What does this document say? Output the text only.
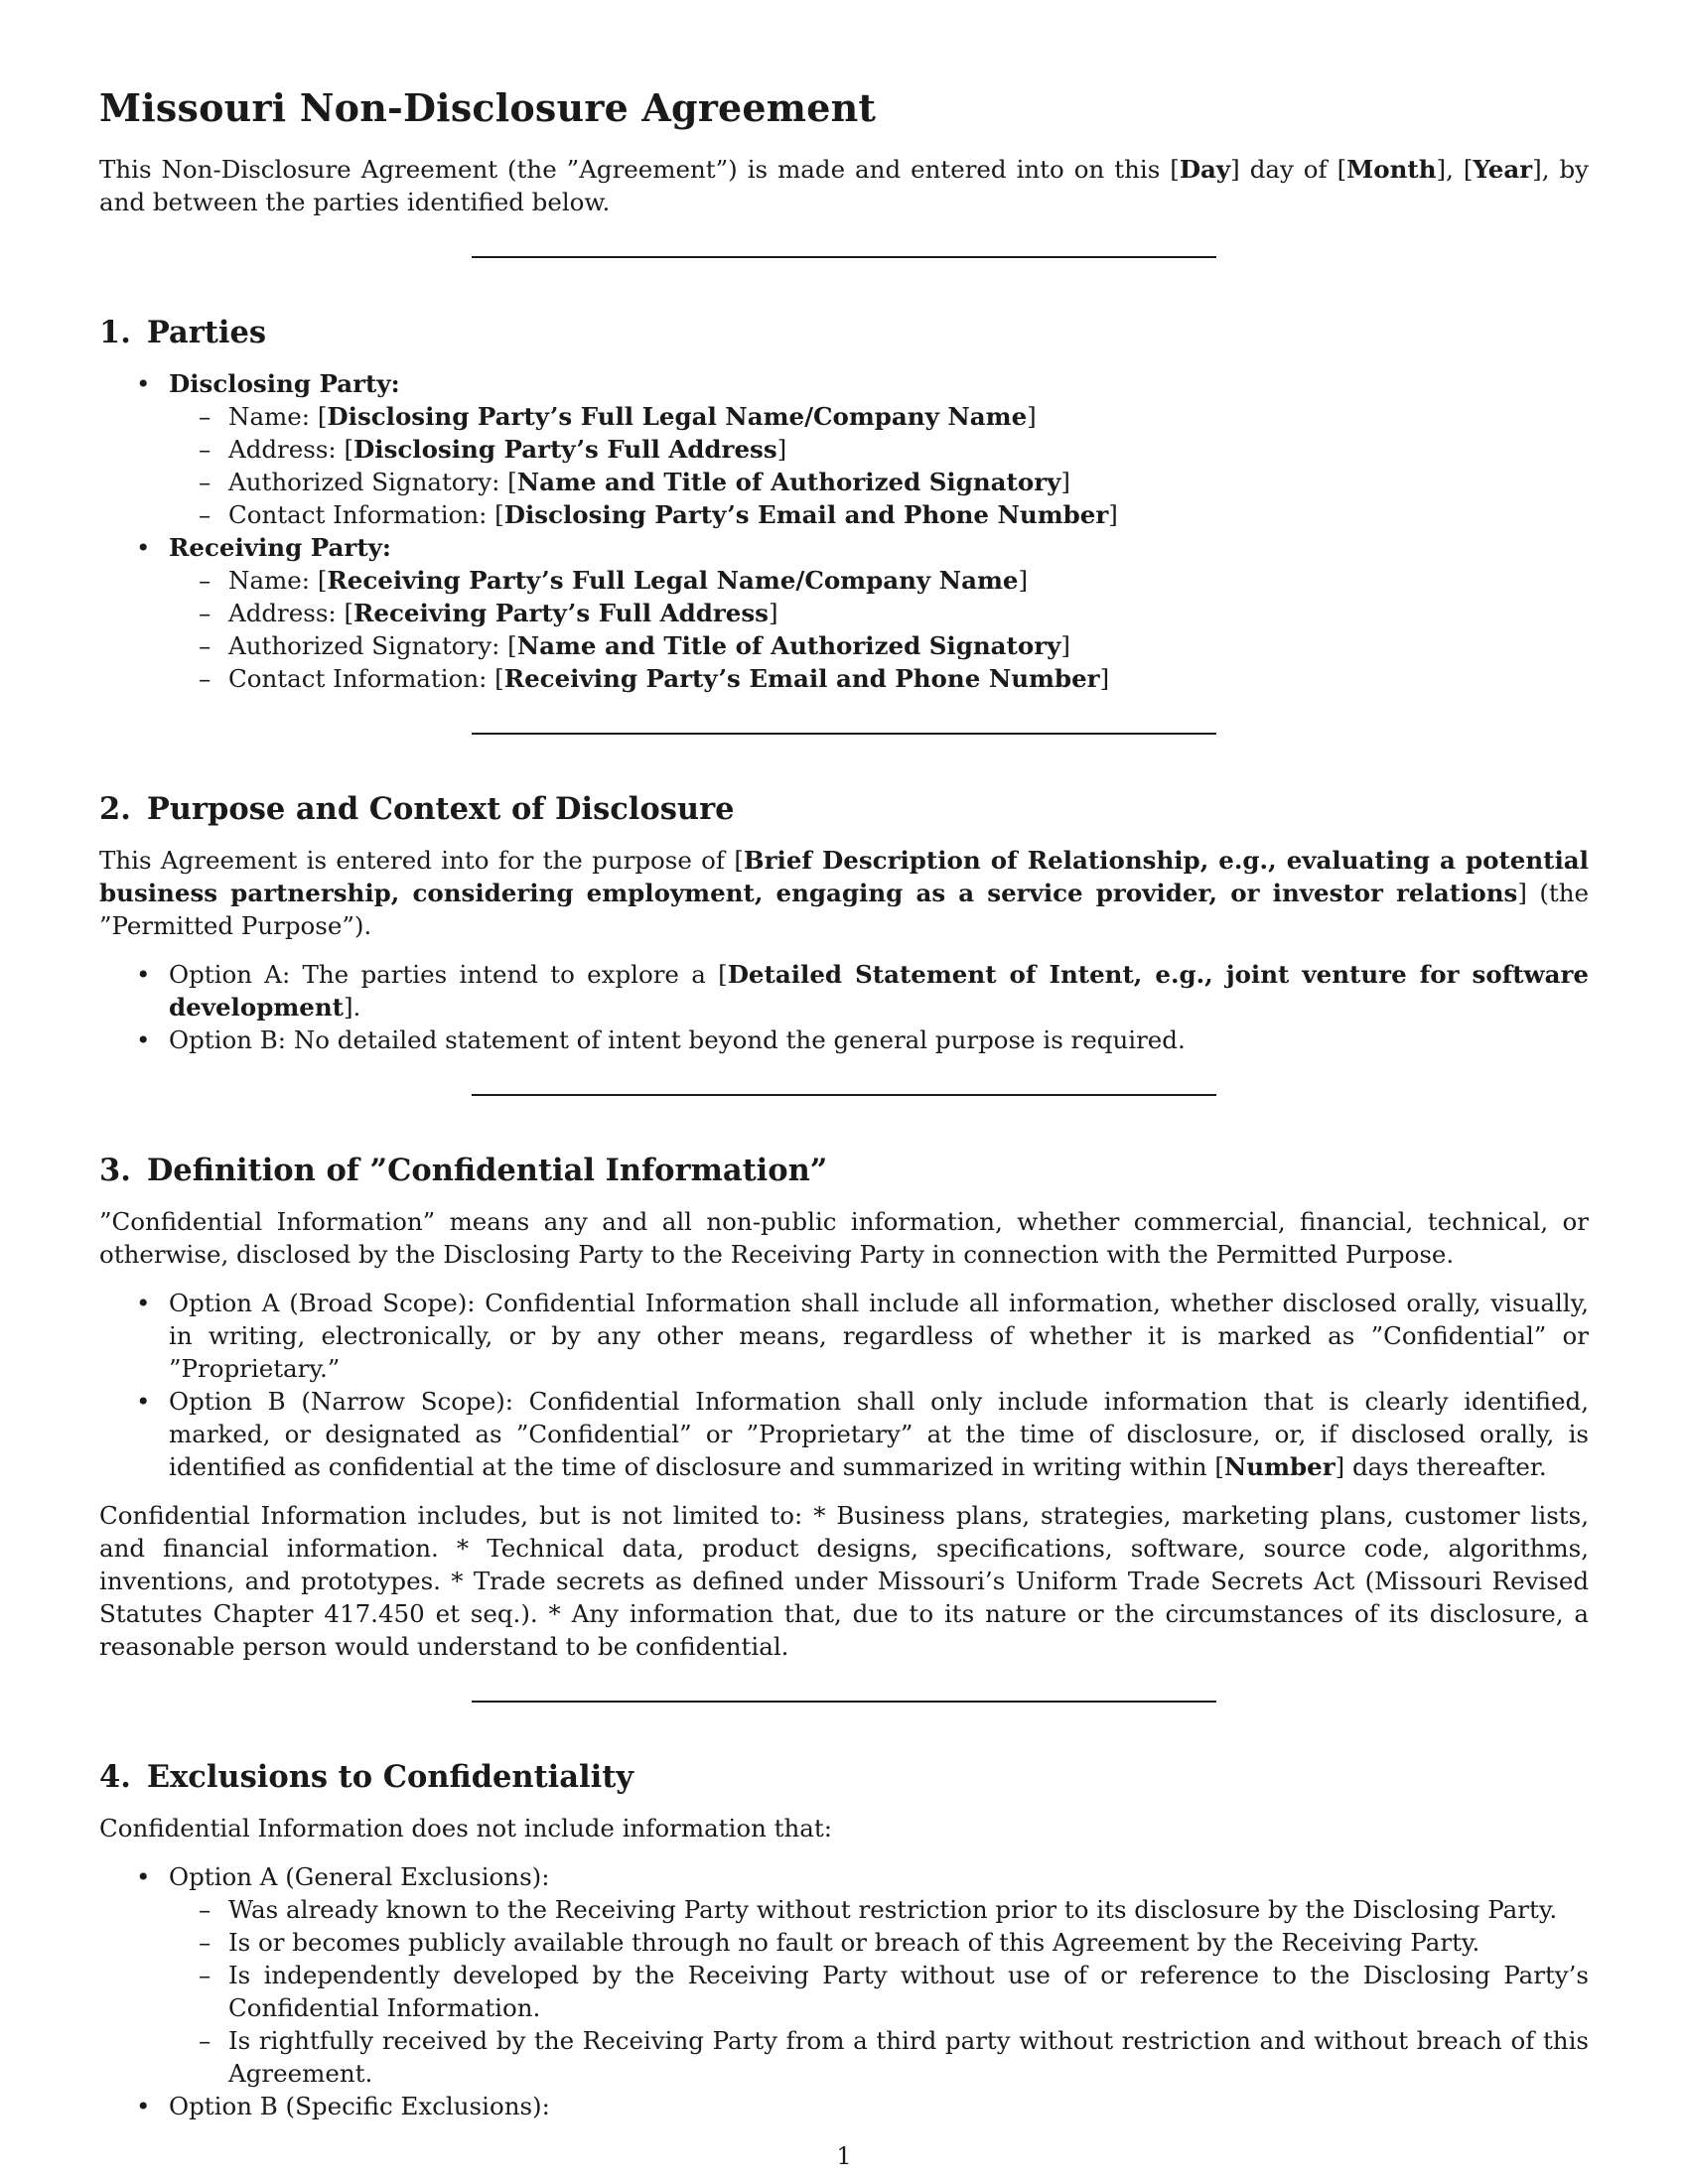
Missouri Non-Disclosure Agreement

This Non-Disclosure Agreement (the ”Agreement”) is made and entered into on this [Day] day of [Month], [Year], by and between the parties identified below.

1. Parties
• Disclosing Party:
– Name: [Disclosing Party’s Full Legal Name/Company Name]
– Address: [Disclosing Party’s Full Address]
– Authorized Signatory: [Name and Title of Authorized Signatory]
– Contact Information: [Disclosing Party’s Email and Phone Number]
• Receiving Party:
– Name: [Receiving Party’s Full Legal Name/Company Name]
– Address: [Receiving Party’s Full Address]
– Authorized Signatory: [Name and Title of Authorized Signatory]
– Contact Information: [Receiving Party’s Email and Phone Number]
2. Purpose and Context of Disclosure

This Agreement is entered into for the purpose of [Brief Description of Relationship, e.g., evaluating a potential business partnership, considering employment, engaging as a service provider, or investor relations] (the ”Permitted Purpose”).

• Option A: The parties intend to explore a [Detailed Statement of Intent, e.g., joint venture for software development].
• Option B: No detailed statement of intent beyond the general purpose is required.
3. Definition of ”Confidential Information”

”Confidential Information” means any and all non-public information, whether commercial, financial, technical, or otherwise, disclosed by the Disclosing Party to the Receiving Party in connection with the Permitted Purpose.

• Option A (Broad Scope): Confidential Information shall include all information, whether disclosed orally, visually, in writing, electronically, or by any other means, regardless of whether it is marked as ”Confidential” or ”Proprietary.”
• Option B (Narrow Scope): Confidential Information shall only include information that is clearly identified, marked, or designated as ”Confidential” or ”Proprietary” at the time of disclosure, or, if disclosed orally, is identified as confidential at the time of disclosure and summarized in writing within [Number] days thereafter.

Confidential Information includes, but is not limited to: * Business plans, strategies, marketing plans, customer lists, and financial information. * Technical data, product designs, specifications, software, source code, algorithms, inventions, and prototypes. * Trade secrets as defined under Missouri’s Uniform Trade Secrets Act (Missouri Revised Statutes Chapter 417.450 et seq.). * Any information that, due to its nature or the circumstances of its disclosure, a reasonable person would understand to be confidential.

4. Exclusions to Confidentiality

Confidential Information does not include information that:

• Option A (General Exclusions):
– Was already known to the Receiving Party without restriction prior to its disclosure by the Disclosing Party.
– Is or becomes publicly available through no fault or breach of this Agreement by the Receiving Party.
– Is independently developed by the Receiving Party without use of or reference to the Disclosing Party’s Confidential Information.
– Is rightfully received by the Receiving Party from a third party without restriction and without breach of this Agreement.
• Option B (Specific Exclusions):
1
